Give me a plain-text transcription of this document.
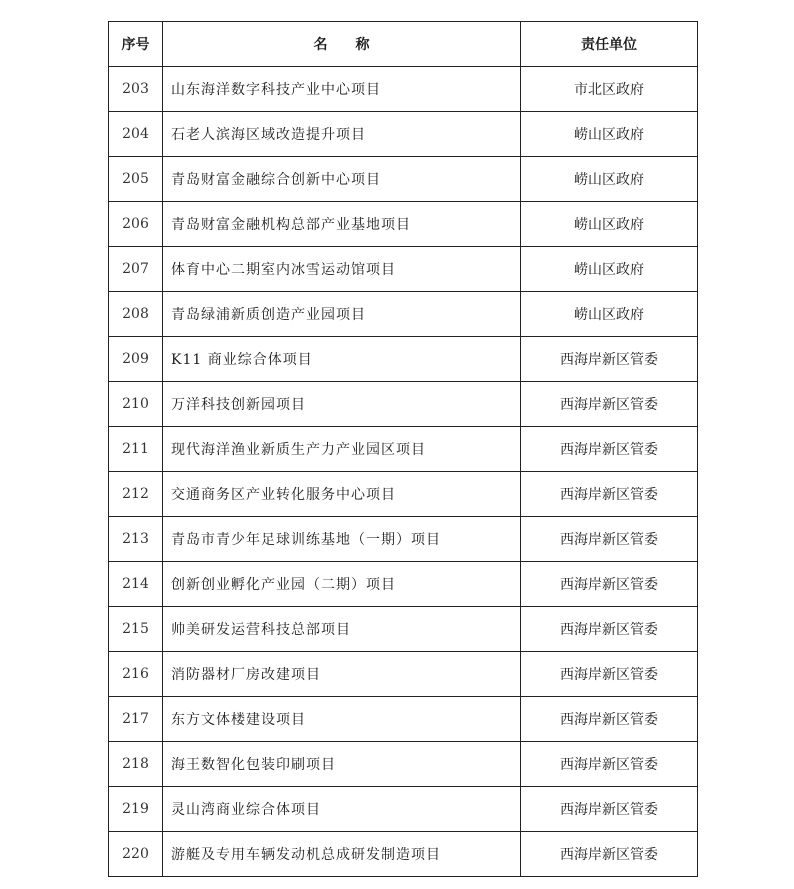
序号	名　　称	责任单位
203	山东海洋数字科技产业中心项目	市北区政府
204	石老人滨海区域改造提升项目	崂山区政府
205	青岛财富金融综合创新中心项目	崂山区政府
206	青岛财富金融机构总部产业基地项目	崂山区政府
207	体育中心二期室内冰雪运动馆项目	崂山区政府
208	青岛绿浦新质创造产业园项目	崂山区政府
209	K11 商业综合体项目	西海岸新区管委
210	万洋科技创新园项目	西海岸新区管委
211	现代海洋渔业新质生产力产业园区项目	西海岸新区管委
212	交通商务区产业转化服务中心项目	西海岸新区管委
213	青岛市青少年足球训练基地（一期）项目	西海岸新区管委
214	创新创业孵化产业园（二期）项目	西海岸新区管委
215	帅美研发运营科技总部项目	西海岸新区管委
216	消防器材厂房改建项目	西海岸新区管委
217	东方文体楼建设项目	西海岸新区管委
218	海王数智化包装印刷项目	西海岸新区管委
219	灵山湾商业综合体项目	西海岸新区管委
220	游艇及专用车辆发动机总成研发制造项目	西海岸新区管委
